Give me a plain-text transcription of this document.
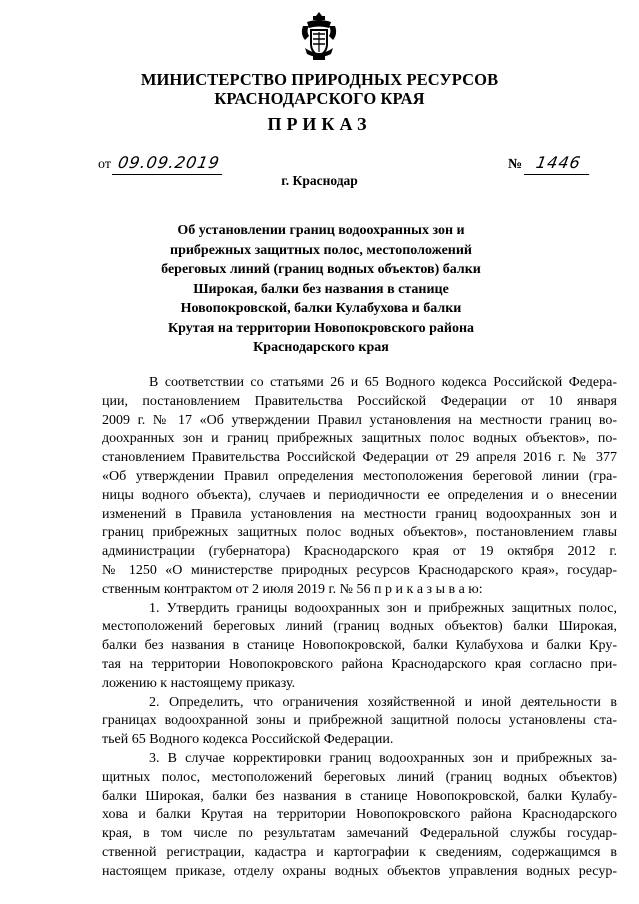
МИНИСТЕРСТВО ПРИРОДНЫХ РЕСУРСОВ
КРАСНОДАРСКОГО КРАЯ
ПРИКАЗ
от 09.09.2019	№ 1446
г. Краснодар
Об установлении границ водоохранных зон и
прибрежных защитных полос, местоположений
береговых линий (границ водных объектов) балки
Широкая, балки без названия в станице
Новопокровской, балки Кулабухова и балки
Крутая на территории Новопокровского района
Краснодарского края
В соответствии со статьями 26 и 65 Водного кодекса Российской Федера-
ции, постановлением Правительства Российской Федерации от 10 января
2009 г. № 17 «Об утверждении Правил установления на местности границ во-
доохранных зон и границ прибрежных защитных полос водных объектов», по-
становлением Правительства Российской Федерации от 29 апреля 2016 г. № 377
«Об утверждении Правил определения местоположения береговой линии (гра-
ницы водного объекта), случаев и периодичности ее определения и о внесении
изменений в Правила установления на местности границ водоохранных зон и
границ прибрежных защитных полос водных объектов», постановлением главы
администрации (губернатора) Краснодарского края от 19 октября 2012 г.
№ 1250 «О министерстве природных ресурсов Краснодарского края», государ-
ственным контрактом от 2 июля 2019 г. № 56 п р и к а з ы в а ю:
1. Утвердить границы водоохранных зон и прибрежных защитных полос,
местоположений береговых линий (границ водных объектов) балки Широкая,
балки без названия в станице Новопокровской, балки Кулабухова и балки Кру-
тая на территории Новопокровского района Краснодарского края согласно при-
ложению к настоящему приказу.
2. Определить, что ограничения хозяйственной и иной деятельности в
границах водоохранной зоны и прибрежной защитной полосы установлены ста-
тьей 65 Водного кодекса Российской Федерации.
3. В случае корректировки границ водоохранных зон и прибрежных за-
щитных полос, местоположений береговых линий (границ водных объектов)
балки Широкая, балки без названия в станице Новопокровской, балки Кулабу-
хова и балки Крутая на территории Новопокровского района Краснодарского
края, в том числе по результатам замечаний Федеральной службы государ-
ственной регистрации, кадастра и картографии к сведениям, содержащимся в
настоящем приказе, отделу охраны водных объектов управления водных ресур-
